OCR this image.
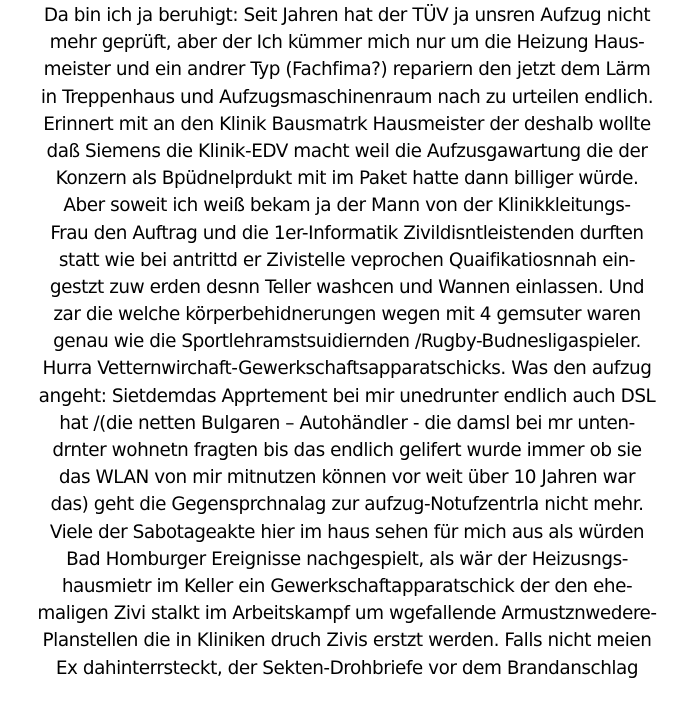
Da bin ich ja beruhigt: Seit Jahren hat der TÜV ja unsren Aufzug nicht
mehr geprüft, aber der Ich kümmer mich nur um die Heizung Haus-
meister und ein andrer Typ (Fachfima?) repariern den jetzt dem Lärm
in Treppenhaus und Aufzugsmaschinenraum nach zu urteilen endlich.
Erinnert mit an den Klinik Bausmatrk Hausmeister der deshalb wollte
daß Siemens die Klinik-EDV macht weil die Aufzusgawartung die der
Konzern als Bpüdnelprdukt mit im Paket hatte dann billiger würde.
Aber soweit ich weiß bekam ja der Mann von der Klinikkleitungs-
Frau den Auftrag und die 1er-Informatik Zivildisntleistenden durften
statt wie bei antrittd er Zivistelle veprochen Quaifikatiosnnah ein-
gestzt zuw erden desnn Teller washcen und Wannen einlassen. Und
zar die welche körperbehidnerungen wegen mit 4 gemsuter waren
genau wie die Sportlehramstsuidiernden /Rugby-Budnesligaspieler.
Hurra Vetternwirchaft-Gewerkschaftsapparatschicks. Was den aufzug
angeht: Sietdemdas Apprtement bei mir unedrunter endlich auch DSL
hat /(die netten Bulgaren – Autohändler - die damsl bei mr unten-
drnter wohnetn fragten bis das endlich gelifert wurde immer ob sie
das WLAN von mir mitnutzen können vor weit über 10 Jahren war
das) geht die Gegensprchnalag zur aufzug-Notufzentrla nicht mehr.
Viele der Sabotageakte hier im haus sehen für mich aus als würden
Bad Homburger Ereignisse nachgespielt, als wär der Heizusngs-
hausmietr im Keller ein Gewerkschaftapparatschick der den ehe-
maligen Zivi stalkt im Arbeitskampf um wgefallende Armustznwedere-
Planstellen die in Kliniken druch Zivis erstzt werden. Falls nicht meien
Ex dahinterrsteckt, der Sekten-Drohbriefe vor dem Brandanschlag
